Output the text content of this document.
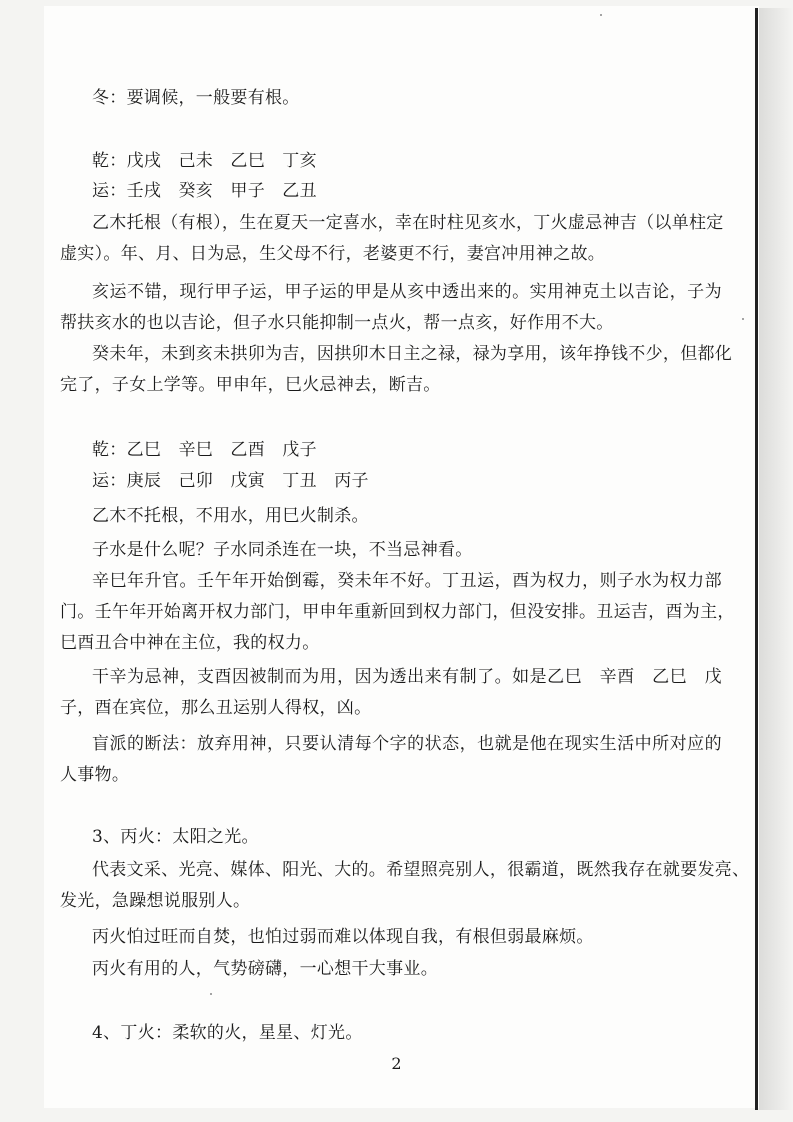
冬：要调候，一般要有根。
乾：戊戌　己未　乙巳　丁亥
运：壬戌　癸亥　甲子　乙丑
乙木托根（有根），生在夏天一定喜水，幸在时柱见亥水，丁火虚忌神吉（以单柱定
虚实）。年、月、日为忌，生父母不行，老婆更不行，妻宫冲用神之故。
亥运不错，现行甲子运，甲子运的甲是从亥中透出来的。实用神克土以吉论，子为
帮扶亥水的也以吉论，但子水只能抑制一点火，帮一点亥，好作用不大。
癸未年，未到亥未拱卯为吉，因拱卯木日主之禄，禄为享用，该年挣钱不少，但都化
完了，子女上学等。甲申年，巳火忌神去，断吉。
乾：乙巳　辛巳　乙酉　戊子
运：庚辰　己卯　戊寅　丁丑　丙子
乙木不托根，不用水，用巳火制杀。
子水是什么呢？子水同杀连在一块，不当忌神看。
辛巳年升官。壬午年开始倒霉，癸未年不好。丁丑运，酉为权力，则子水为权力部
门。壬午年开始离开权力部门，甲申年重新回到权力部门，但没安排。丑运吉，酉为主，
巳酉丑合中神在主位，我的权力。
干辛为忌神，支酉因被制而为用，因为透出来有制了。如是乙巳　辛酉　乙巳　戊
子，酉在宾位，那么丑运别人得权，凶。
盲派的断法：放弃用神，只要认清每个字的状态，也就是他在现实生活中所对应的
人事物。
3、丙火：太阳之光。
代表文采、光亮、媒体、阳光、大的。希望照亮别人，很霸道，既然我存在就要发亮、
发光，急躁想说服别人。
丙火怕过旺而自焚，也怕过弱而难以体现自我，有根但弱最麻烦。
丙火有用的人，气势磅礴，一心想干大事业。
4、丁火：柔软的火，星星、灯光。
2
